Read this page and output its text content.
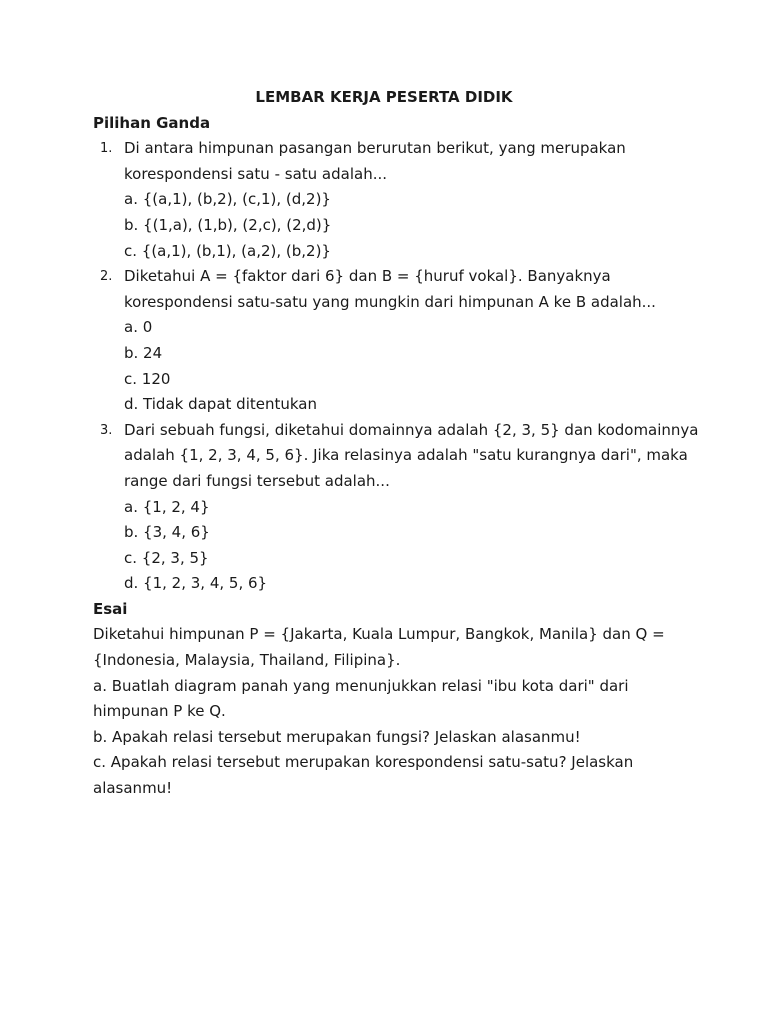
LEMBAR KERJA PESERTA DIDIK
Pilihan Ganda
1. Di antara himpunan pasangan berurutan berikut, yang merupakan korespondensi satu - satu adalah...

a. {(a,1), (b,2), (c,1), (d,2)}
b. {(1,a), (1,b), (2,c), (2,d)}
c. {(a,1), (b,1), (a,2), (b,2)}
2. Diketahui A = {faktor dari 6} dan B = {huruf vokal}. Banyaknya korespondensi satu-satu yang mungkin dari himpunan A ke B adalah...

a. 0
b. 24
c. 120
d. Tidak dapat ditentukan
3. Dari sebuah fungsi, diketahui domainnya adalah {2, 3, 5} dan kodomainnya adalah {1, 2, 3, 4, 5, 6}. Jika relasinya adalah "satu kurangnya dari", maka range dari fungsi tersebut adalah...

a. {1, 2, 4}
b. {3, 4, 6}
c. {2, 3, 5}
d. {1, 2, 3, 4, 5, 6}
Esai

Diketahui himpunan P = {Jakarta, Kuala Lumpur, Bangkok, Manila} dan Q = {Indonesia, Malaysia, Thailand, Filipina}.

a. Buatlah diagram panah yang menunjukkan relasi "ibu kota dari" dari himpunan P ke Q.

b. Apakah relasi tersebut merupakan fungsi? Jelaskan alasanmu!

c. Apakah relasi tersebut merupakan korespondensi satu-satu? Jelaskan alasanmu!
